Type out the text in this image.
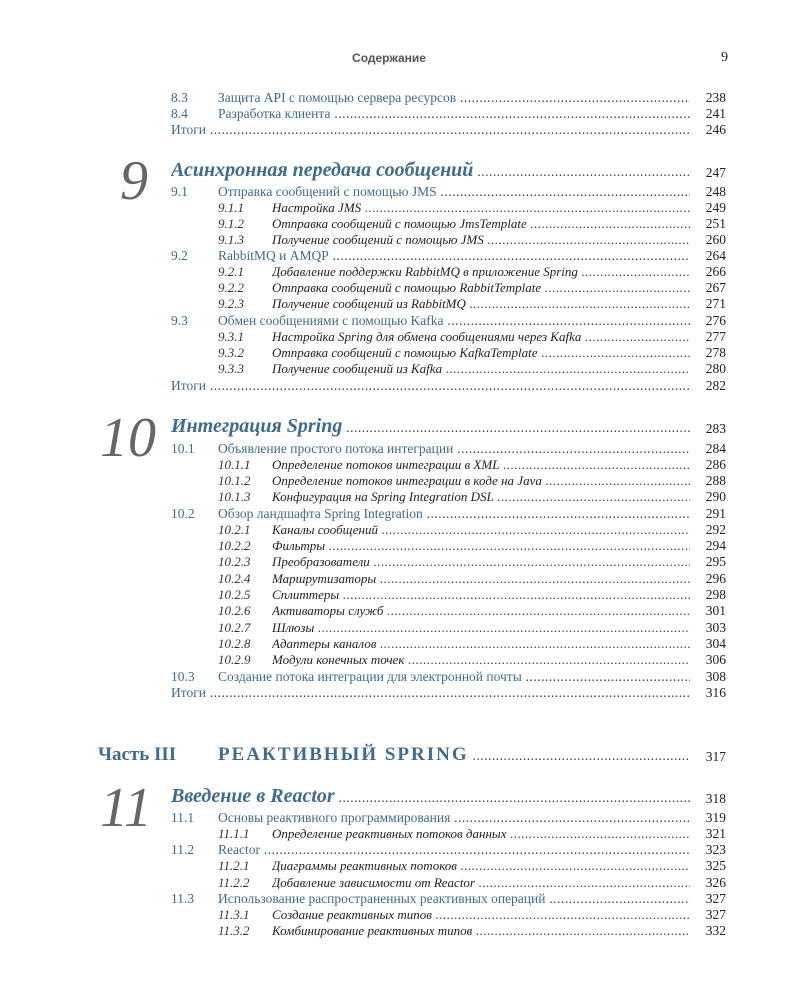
Содержание	9
8.3 Защита API с помощью сервера ресурсов .....	238
8.4 Разработка клиента .....	241
Итоги .....	246
9 Асинхронная передача сообщений .....	247
9.1 Отправка сообщений с помощью JMS .....	248
9.1.1 Настройка JMS .....	249
9.1.2 Отправка сообщений с помощью JmsTemplate .....	251
9.1.3 Получение сообщений с помощью JMS .....	260
9.2 RabbitMQ и AMQP .....	264
9.2.1 Добавление поддержки RabbitMQ в приложение Spring .....	266
9.2.2 Отправка сообщений с помощью RabbitTemplate .....	267
9.2.3 Получение сообщений из RabbitMQ .....	271
9.3 Обмен сообщениями с помощью Kafka .....	276
9.3.1 Настройка Spring для обмена сообщениями через Kafka .....	277
9.3.2 Отправка сообщений с помощью KafkaTemplate .....	278
9.3.3 Получение сообщений из Kafka .....	280
Итоги .....	282
10 Интеграция Spring .....	283
10.1 Объявление простого потока интеграции .....	284
10.1.1 Определение потоков интеграции в XML .....	286
10.1.2 Определение потоков интеграции в коде на Java .....	288
10.1.3 Конфигурация на Spring Integration DSL .....	290
10.2 Обзор ландшафта Spring Integration .....	291
10.2.1 Каналы сообщений .....	292
10.2.2 Фильтры .....	294
10.2.3 Преобразователи .....	295
10.2.4 Маршрутизаторы .....	296
10.2.5 Сплиттеры .....	298
10.2.6 Активаторы служб .....	301
10.2.7 Шлюзы .....	303
10.2.8 Адаптеры каналов .....	304
10.2.9 Модули конечных точек .....	306
10.3 Создание потока интеграции для электронной почты .....	308
Итоги .....	316
Часть III РЕАКТИВНЫЙ SPRING .....	317
11 Введение в Reactor .....	318
11.1 Основы реактивного программирования .....	319
11.1.1 Определение реактивных потоков данных .....	321
11.2 Reactor .....	323
11.2.1 Диаграммы реактивных потоков .....	325
11.2.2 Добавление зависимости от Reactor .....	326
11.3 Использование распространенных реактивных операций .....	327
11.3.1 Создание реактивных типов .....	327
11.3.2 Комбинирование реактивных типов .....	332
